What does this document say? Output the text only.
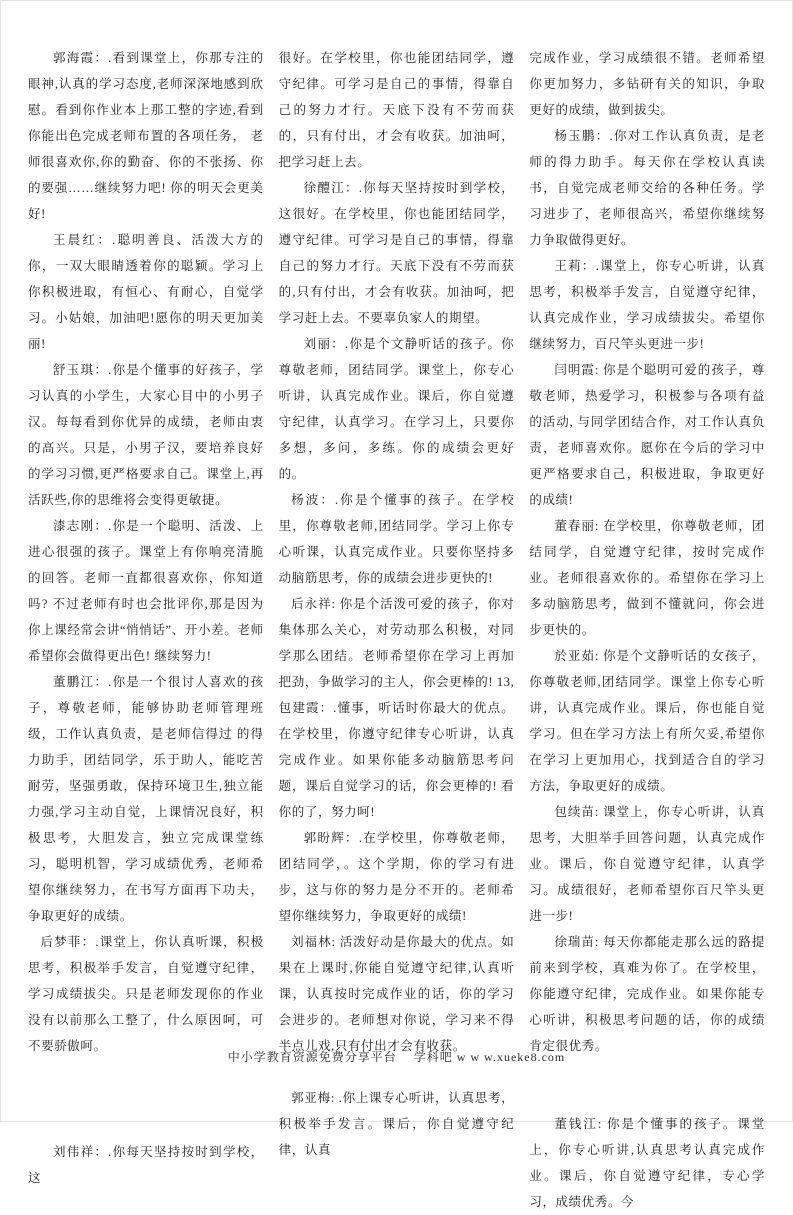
郭海霞：.看到课堂上，你那专注的眼神,认真的学习态度,老师深深地感到欣慰。看到你作业本上那工整的字迹,看到你能出色完成老师布置的各项任务， 老师很喜欢你,你的勤奋、你的不张扬、你的要强……继续努力吧! 你的明天会更美好!

王晨红：.聪明善良、活泼大方的你，一双大眼睛透着你的聪颖。学习上你积极进取，有恒心、有耐心，自觉学习。小姑娘，加油吧!愿你的明天更加美丽!

舒玉琪：.你是个懂事的好孩子，学习认真的小学生，大家心目中的小男子汉。每每看到你优异的成绩，老师由衷的高兴。只是，小男子汉，要培养良好的学习习惯,更严格要求自己。课堂上,再活跃些,你的思维将会变得更敏捷。

漆志刚：.你是一个聪明、活泼、上进心很强的孩子。课堂上有你响亮清脆的回答。老师一直都很喜欢你，你知道吗? 不过老师有时也会批评你,那是因为你上课经常会讲“悄悄话”、开小差。老师希望你会做得更出色! 继续努力!

董鹏江：.你是一个很讨人喜欢的孩子，尊敬老师，能够协助老师管理班级，工作认真负责，是老师信得过 的得力助手，团结同学，乐于助人，能吃苦耐劳，坚强勇敢，保持环境卫生,独立能力强,学习主动自觉，上课情况良好，积极思考，大胆发言，独立完成课堂练习，聪明机智，学习成绩优秀，老师希望你继续努力，在书写方面再下功夫，争取更好的成绩。

后梦菲：.课堂上，你认真听课，积极思考，积极举手发言，自觉遵守纪律，学习成绩拔尖。只是老师发现你的作业没有以前那么工整了，什么原因呵，可不要骄傲呵。

刘伟祥：.你每天坚持按时到学校，这

很好。在学校里，你也能团结同学，遵守纪律。可学习是自己的事情，得靠自己的努力才行。天底下没有不劳而获的，只有付出，才会有收获。加油呵，把学习赶上去。

徐醴江：.你每天坚持按时到学校，这很好。在学校里，你也能团结同学，遵守纪律。可学习是自己的事情，得靠自己的努力才行。天底下没有不劳而获的,只有付出，才会有收获。加油呵，把学习赶上去。不要辜负家人的期望。

刘丽：.你是个文静听话的孩子。你尊敬老师，团结同学。课堂上，你专心听讲，认真完成作业。课后，你自觉遵守纪律，认真学习。在学习上，只要你多想，多问，多练。你的成绩会更好的。

杨波：.你是个懂事的孩子。在学校里，你尊敬老师,团结同学。学习上你专心听课，认真完成作业。只要你坚持多动脑筋思考，你的成绩会进步更快的!

后永祥: 你是个活泼可爱的孩子，你对集体那么关心，对劳动那么积极，对同学那么团结。老师希望你在学习上再加把劲，争做学习的主人，你会更棒的! 13, 包建霞：.懂事，听话时你最大的优点。在学校里，你遵守纪律专心听讲，认真完成作业。如果你能多动脑筋思考问题，课后自觉学习的话，你会更棒的! 看你的了，努力呵!

郭盼辉：.在学校里，你尊敬老师，团结同学，。这个学期，你的学习有进步，这与你的努力是分不开的。老师希望你继续努力，争取更好的成绩!

刘福林: 活泼好动是你最大的优点。如果在上课时,你能自觉遵守纪律,认真听课，认真按时完成作业的话，你的学习会进步的。老师想对你说，学习来不得半点儿戏,只有付出才会有收获。

郭亚梅: .你上课专心听讲，认真思考，积极举手发言。课后，你自觉遵守纪律，认真

完成作业，学习成绩很不错。老师希望你更加努力，多钻研有关的知识，争取更好的成绩，做到拔尖。

杨玉鹏：.你对工作认真负责，是老师的得力助手。每天你在学校认真读书，自觉完成老师交给的各种任务。学习进步了，老师很高兴，希望你继续努力争取做得更好。

王莉：.课堂上，你专心听讲，认真思考，积极举手发言，自觉遵守纪律，认真完成作业，学习成绩拔尖。希望你继续努力，百尺竿头更进一步!

闫明霞: 你是个聪明可爱的孩子，尊敬老师，热爱学习，积极参与各项有益的活动, 与同学团结合作，对工作认真负责，老师喜欢你。愿你在今后的学习中更严格要求自己，积极进取，争取更好的成绩!

董春丽: 在学校里，你尊敬老师，团结同学，自觉遵守纪律，按时完成作业。老师很喜欢你的。希望你在学习上多动脑筋思考，做到不懂就问，你会进步更快的。

於亚茹: 你是个文静听话的女孩子，你尊敬老师,团结同学。课堂上你专心听讲，认真完成作业。课后，你也能自觉学习。但在学习方法上有所欠妥,希望你在学习上更加用心，找到适合自的学习方法，争取更好的成绩。

包续苗: 课堂上，你专心听讲，认真思考，大胆举手回答问题，认真完成作业。课后，你自觉遵守纪律，认真学习。成绩很好，老师希望你百尺竿头更进一步!

徐瑞苗: 每天你都能走那么远的路提前来到学校，真难为你了。在学校里，你能遵守纪律，完成作业。如果你能专心听讲，积极思考问题的话，你的成绩肯定很优秀。

董钱江: 你是个懂事的孩子。课堂上，你专心听讲,认真思考认真完成作业。课后，你自觉遵守纪律，专心学习，成绩优秀。今

中小学教育资源免费分享平台　 学科吧 w w w.xueke8.com
